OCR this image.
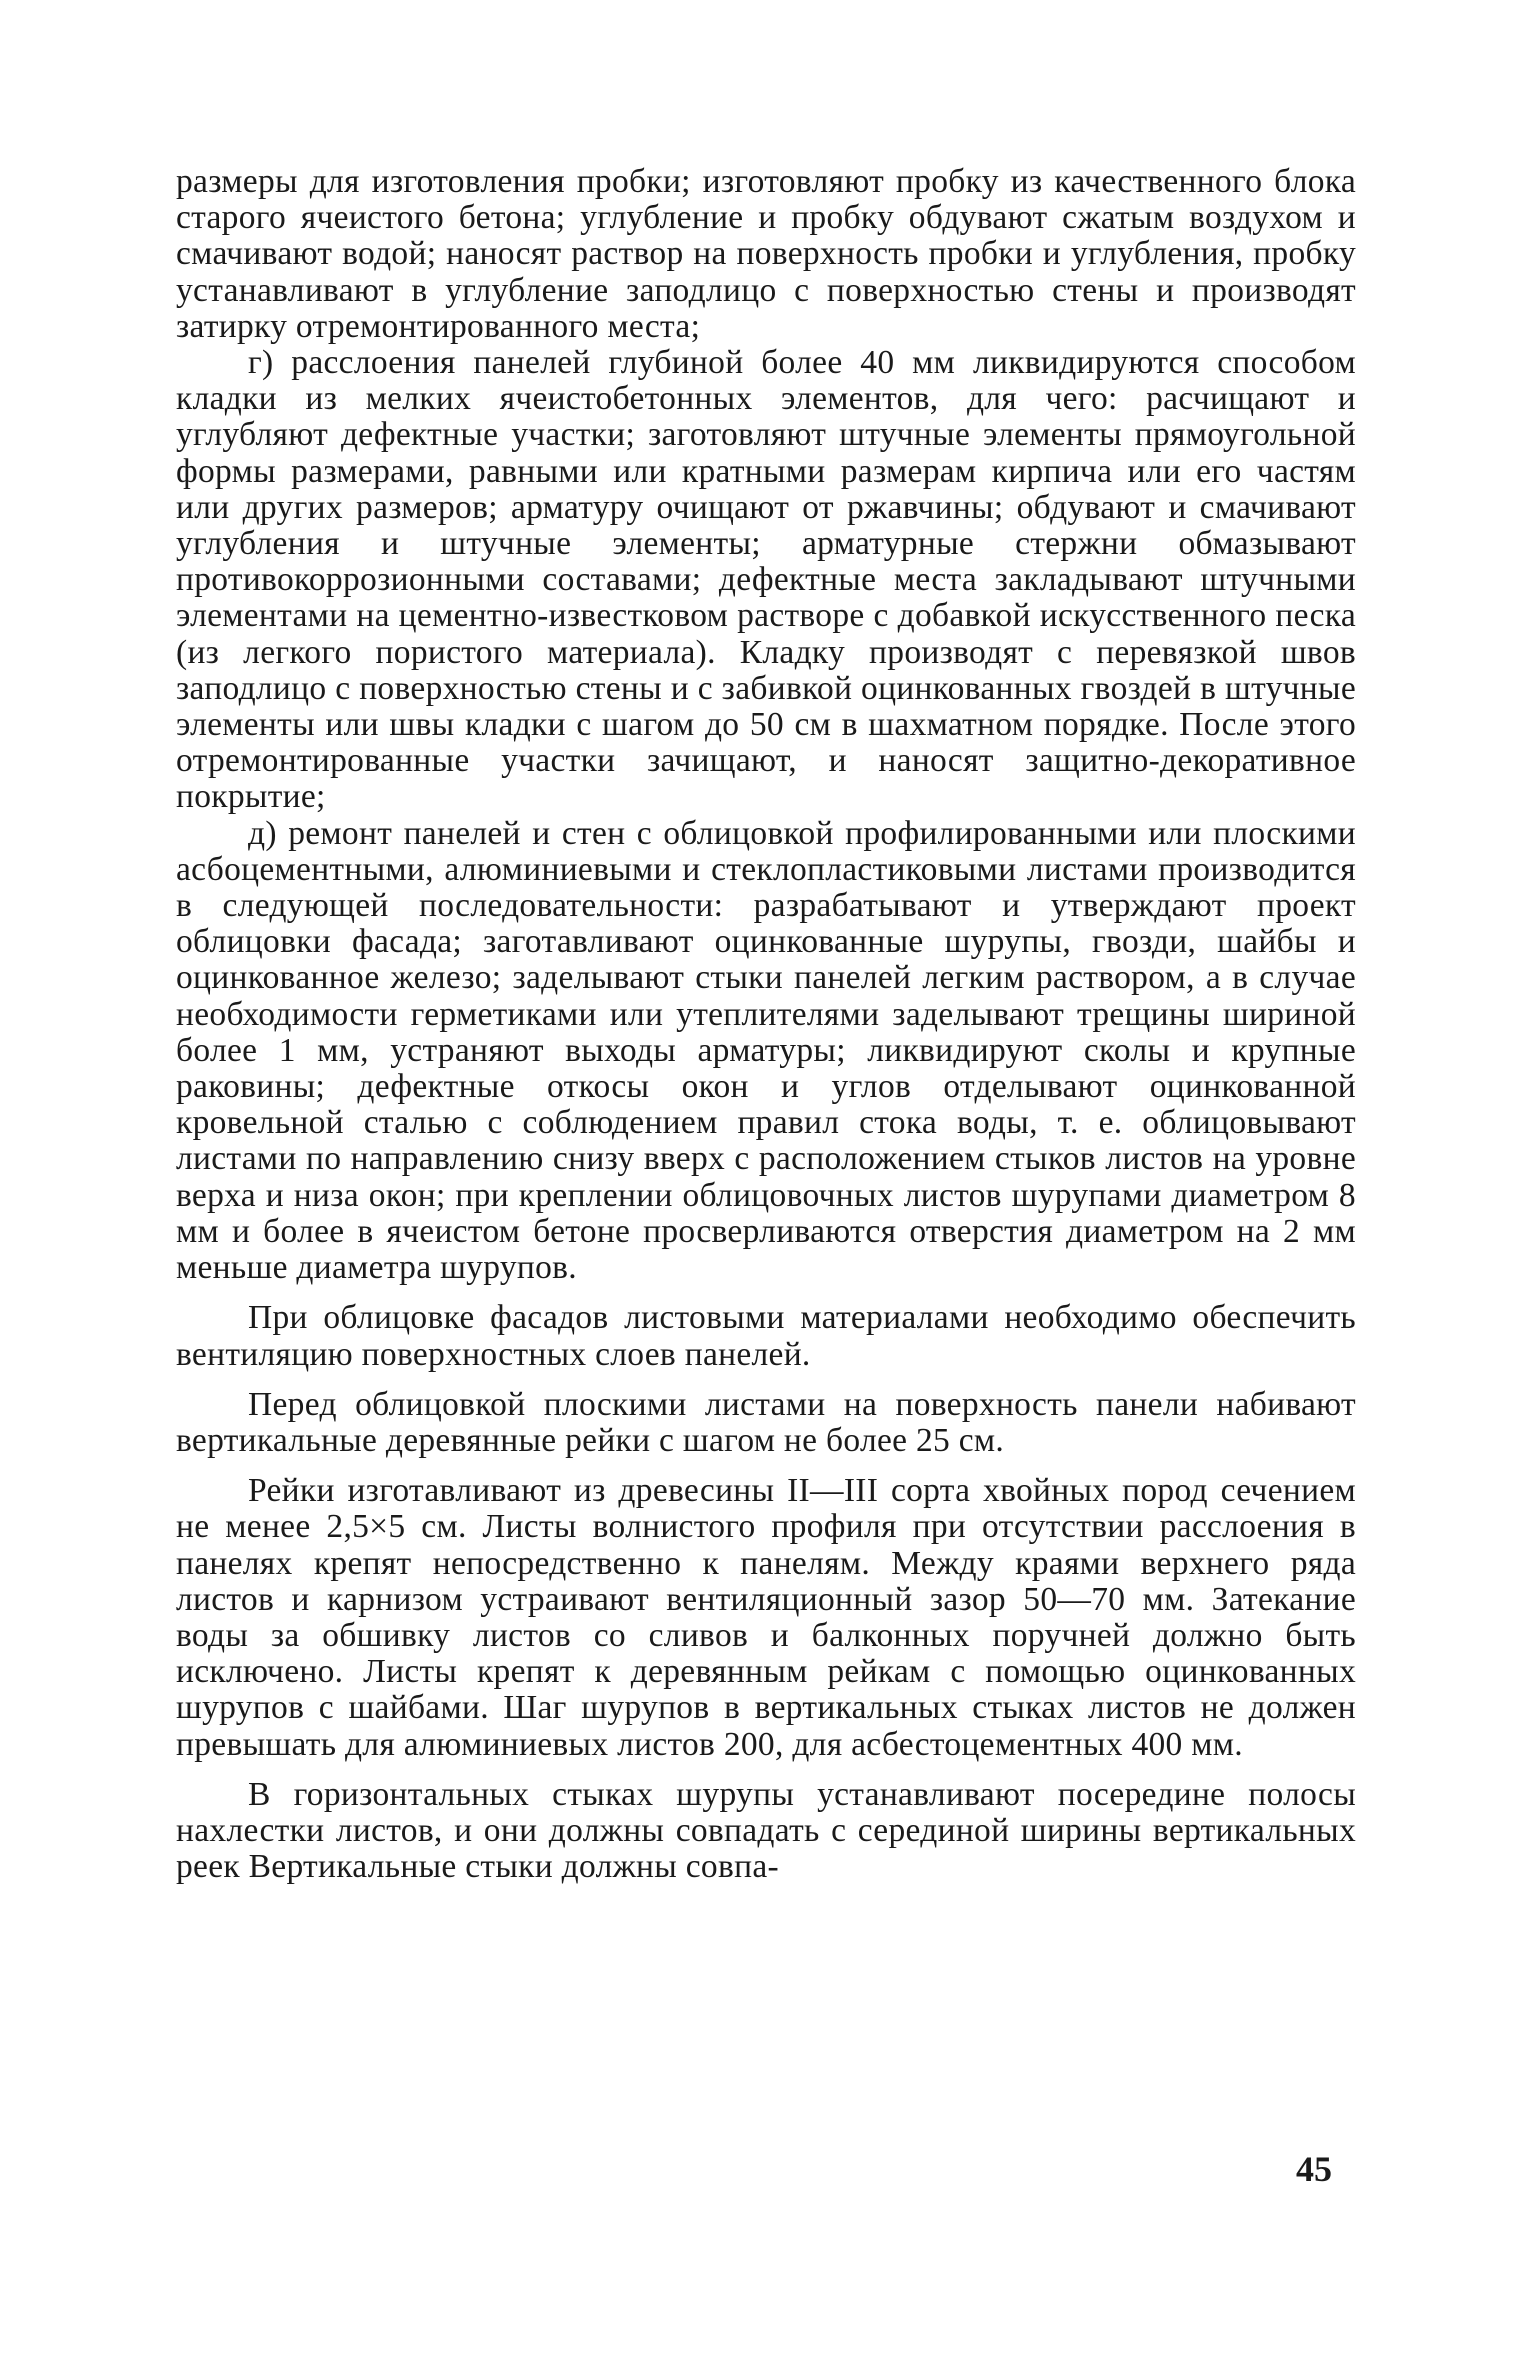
размеры для изготовления пробки; изготовляют пробку из качественного блока старого ячеистого бетона; углубление и пробку обдувают сжатым воздухом и смачивают водой; наносят раствор на поверхность пробки и углубления, пробку устанавливают в углубление заподлицо с поверхностью стены и производят затирку отремонтированного места;

г) расслоения панелей глубиной более 40 мм ликвидируются способом кладки из мелких ячеистобетонных элементов, для чего: расчищают и углубляют дефектные участки; заготовляют штучные элементы прямоугольной формы размерами, равными или кратными размерам кирпича или его частям или других размеров; арматуру очищают от ржавчины; обдувают и смачивают углубления и штучные элементы; арматурные стержни обмазывают противокоррозионными составами; дефектные места закладывают штучными элементами на цементно-известковом растворе с добавкой искусственного песка (из легкого пористого материала). Кладку производят с перевязкой швов заподлицо с поверхностью стены и с забивкой оцинкованных гвоздей в штучные элементы или швы кладки с шагом до 50 см в шахматном порядке. После этого отремонтированные участки зачищают, и наносят защитно-декоративное покрытие;

д) ремонт панелей и стен с облицовкой профилированными или плоскими асбоцементными, алюминиевыми и стеклопластиковыми листами производится в следующей последовательности: разрабатывают и утверждают проект облицовки фасада; заготавливают оцинкованные шурупы, гвозди, шайбы и оцинкованное железо; заделывают стыки панелей легким раствором, а в случае необходимости герметиками или утеплителями заделывают трещины шириной более 1 мм, устраняют выходы арматуры; ликвидируют сколы и крупные раковины; дефектные откосы окон и углов отделывают оцинкованной кровельной сталью с соблюдением правил стока воды, т. е. облицовывают листами по направлению снизу вверх с расположением стыков листов на уровне верха и низа окон; при креплении облицовочных листов шурупами диаметром 8 мм и более в ячеистом бетоне просверливаются отверстия диаметром на 2 мм меньше диаметра шурупов.

При облицовке фасадов листовыми материалами необходимо обеспечить вентиляцию поверхностных слоев панелей.

Перед облицовкой плоскими листами на поверхность панели набивают вертикальные деревянные рейки с шагом не более 25 см.

Рейки изготавливают из древесины II—III сорта хвойных пород сечением не менее 2,5×5 см. Листы волнистого профиля при отсутствии расслоения в панелях крепят непосредственно к панелям. Между краями верхнего ряда листов и карнизом устраивают вентиляционный зазор 50—70 мм. Затекание воды за обшивку листов со сливов и балконных поручней должно быть исключено. Листы крепят к деревянным рейкам с помощью оцинкованных шурупов с шайбами. Шаг шурупов в вертикальных стыках листов не должен превышать для алюминиевых листов 200, для асбестоцементных 400 мм.

В горизонтальных стыках шурупы устанавливают посередине полосы нахлестки листов, и они должны совпадать с серединой ширины вертикальных реек Вертикальные стыки должны совпа-

45
